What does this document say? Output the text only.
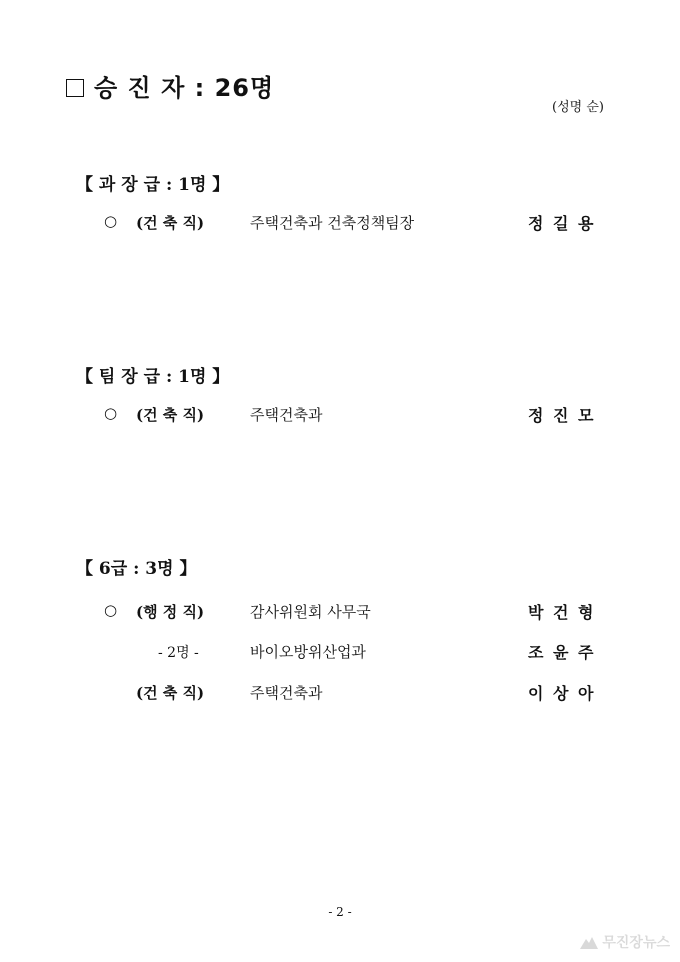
승 진 자 : 26명
(성명 순)
【 과 장 급 : 1명 】
○ (건 축 직)	주택건축과 건축정책팀장	정 길 용
【 팀 장 급 : 1명 】
○ (건 축 직)	주택건축과	정 진 모
【 6급 : 3명 】
○ (행 정 직)	감사위원회 사무국	박 건 형
- 2명 -	바이오방위산업과	조 윤 주
(건 축 직)	주택건축과	이 상 아
- 2 -
무진장뉴스
